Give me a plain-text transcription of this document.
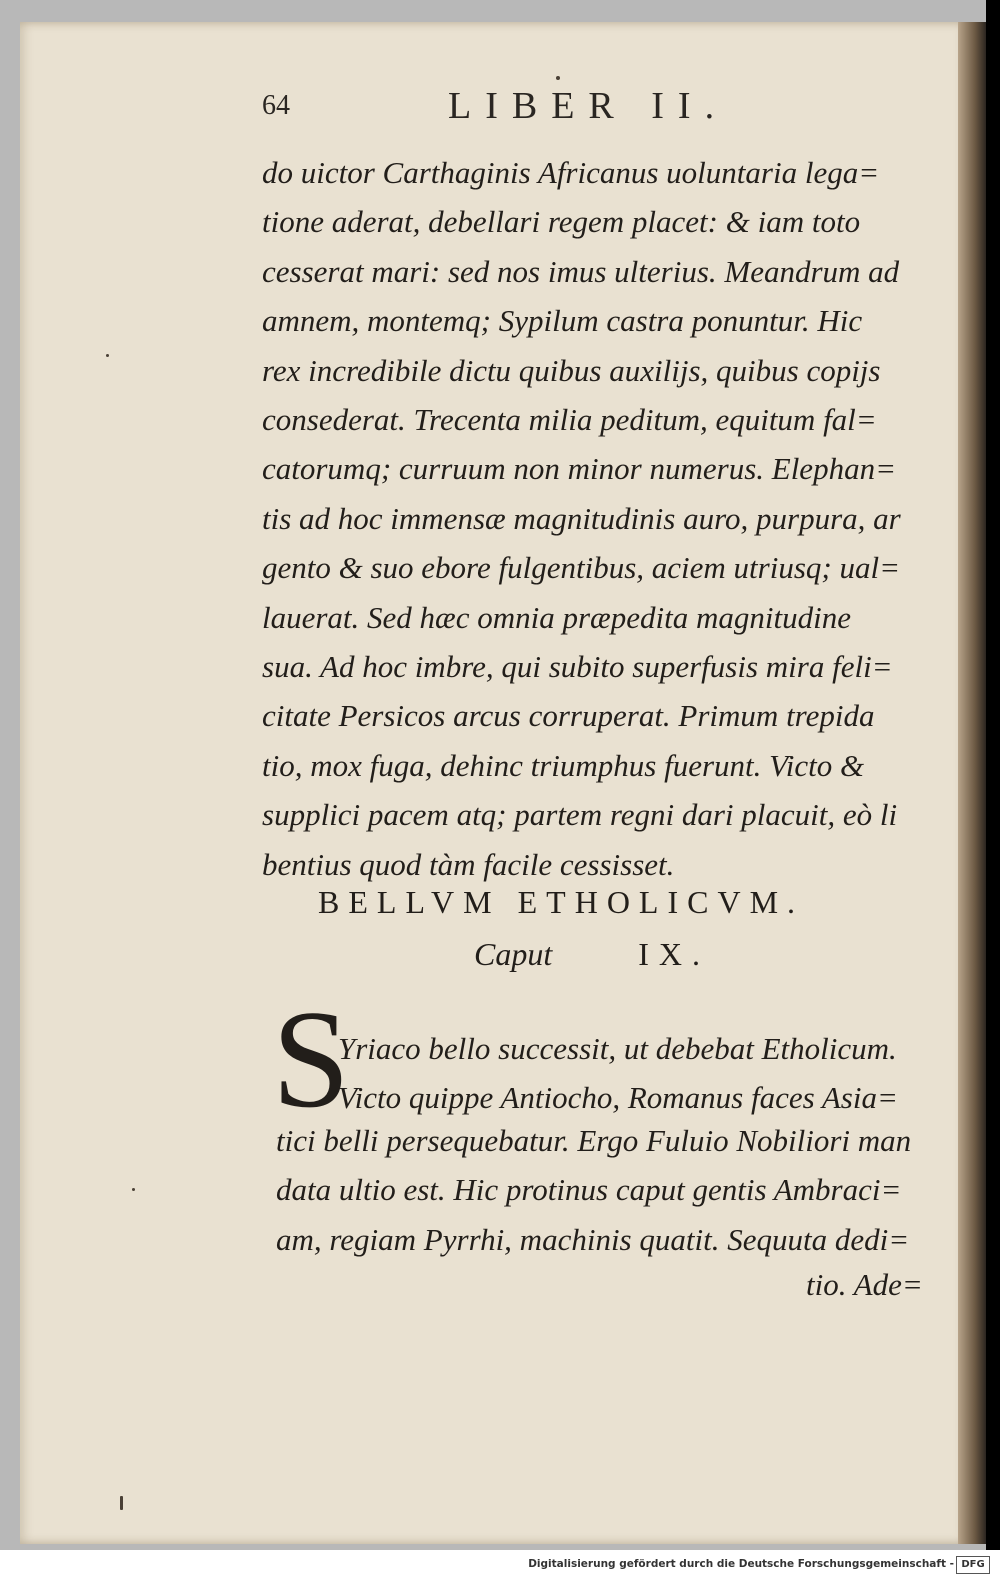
64	LIBER II.
do uictor Carthaginis Africanus uoluntaria lega=
tione aderat, debellari regem placet: & iam toto
cesserat mari: sed nos imus ulterius. Meandrum ad
amnem, montemq; Sypilum castra ponuntur. Hic
rex incredibile dictu quibus auxilijs, quibus copijs
consederat. Trecenta milia peditum, equitum fal=
catorumq; curruum non minor numerus. Elephan=
tis ad hoc immensæ magnitudinis auro, purpura, ar
gento & suo ebore fulgentibus, aciem utriusq; ual=
lauerat. Sed hæc omnia præpedita magnitudine
sua. Ad hoc imbre, qui subito superfusis mira feli=
citate Persicos arcus corruperat. Primum trepida
tio, mox fuga, dehinc triumphus fuerunt. Victo &
supplici pacem atq; partem regni dari placuit, eò li
bentius quod tàm facile cessisset.
BELLVM ETHOLICVM.
Caput	IX.
S
Yriaco bello successit, ut debebat Etholicum.
Victo quippe Antiocho, Romanus faces Asia=
tici belli persequebatur. Ergo Fuluio Nobiliori man
data ultio est. Hic protinus caput gentis Ambraci=
am, regiam Pyrrhi, machinis quatit. Sequuta dedi=
tio. Ade=
Digitalisierung gefördert durch die Deutsche Forschungsgemeinschaft - DFG
